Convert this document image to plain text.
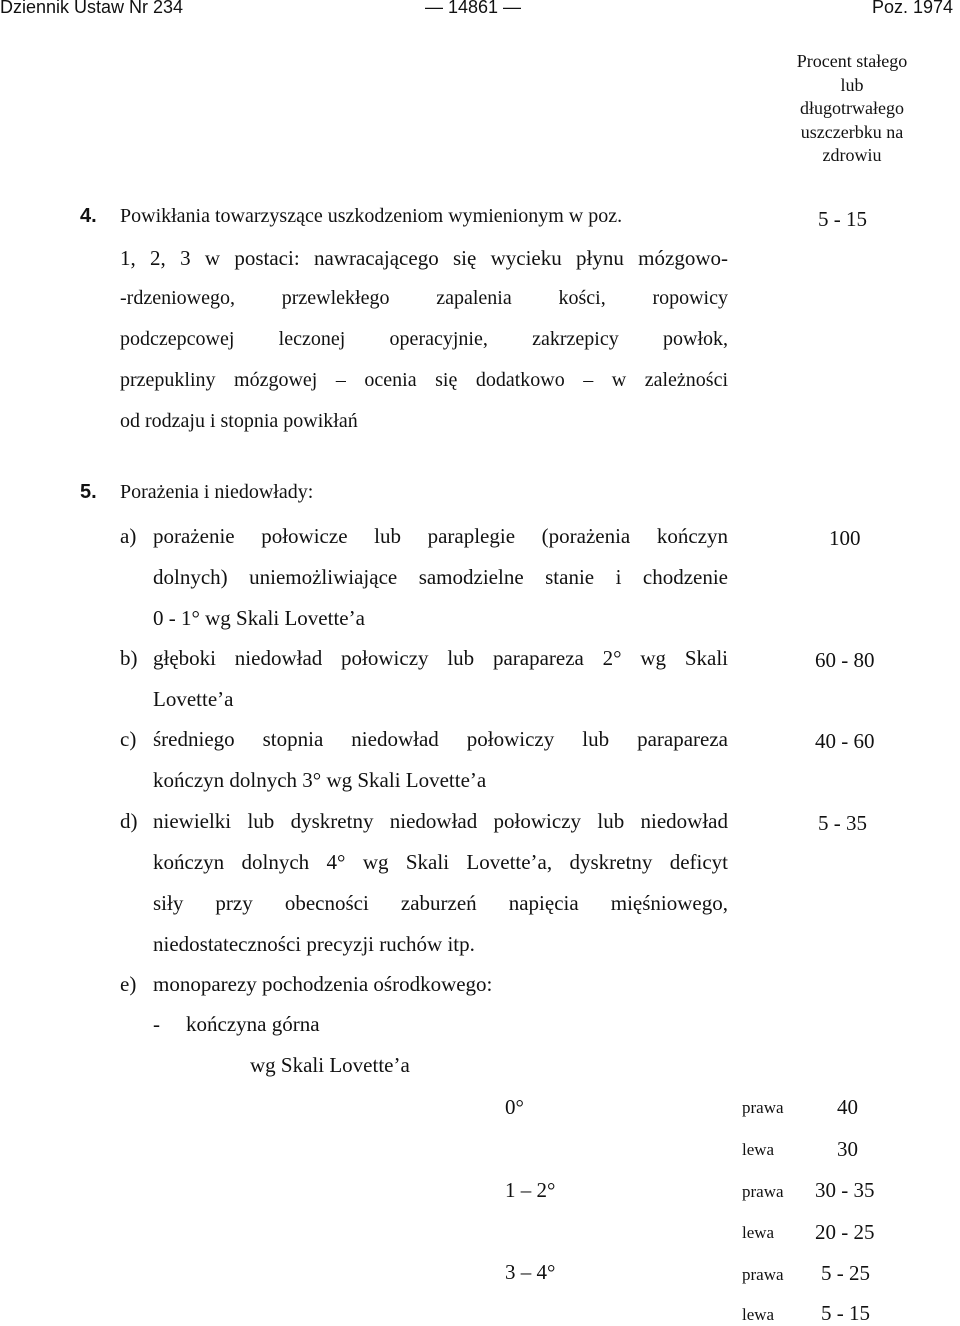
Dziennik Ustaw Nr 234	— 14861 —	Poz. 1974
Procent stałego
lub
długotrwałego
uszczerbku na
zdrowiu
4. Powikłania towarzyszące uszkodzeniom wymienionym w poz.
1, 2, 3 w postaci: nawracającego się wycieku płynu mózgowo-
-rdzeniowego, przewlekłego zapalenia kości, ropowicy
podczepcowej leczonej operacyjnie, zakrzepicy powłok,
przepukliny mózgowej – ocenia się dodatkowo – w zależności
od rodzaju i stopnia powikłań
5 - 15
5. Porażenia i niedowłady:
a) porażenie połowicze lub paraplegie (porażenia kończyn
dolnych) uniemożliwiające samodzielne stanie i chodzenie
0 - 1° wg Skali Lovette’a
100
b) głęboki niedowład połowiczy lub parapareza 2° wg Skali
Lovette’a
60 - 80
c) średniego stopnia niedowład połowiczy lub parapareza
kończyn dolnych 3° wg Skali Lovette’a
40 - 60
d) niewielki lub dyskretny niedowład połowiczy lub niedowład
kończyn dolnych 4° wg Skali Lovette’a, dyskretny deficyt
siły przy obecności zaburzeń napięcia mięśniowego,
niedostateczności precyzji ruchów itp.
5 - 35
e) monoparezy pochodzenia ośrodkowego:
- kończyna górna
wg Skali Lovette’a
0°	prawa	40
lewa	30
1 – 2°	prawa 30 - 35
lewa 20 - 25
3 – 4°	prawa 5 - 25
lewa 5 - 15
